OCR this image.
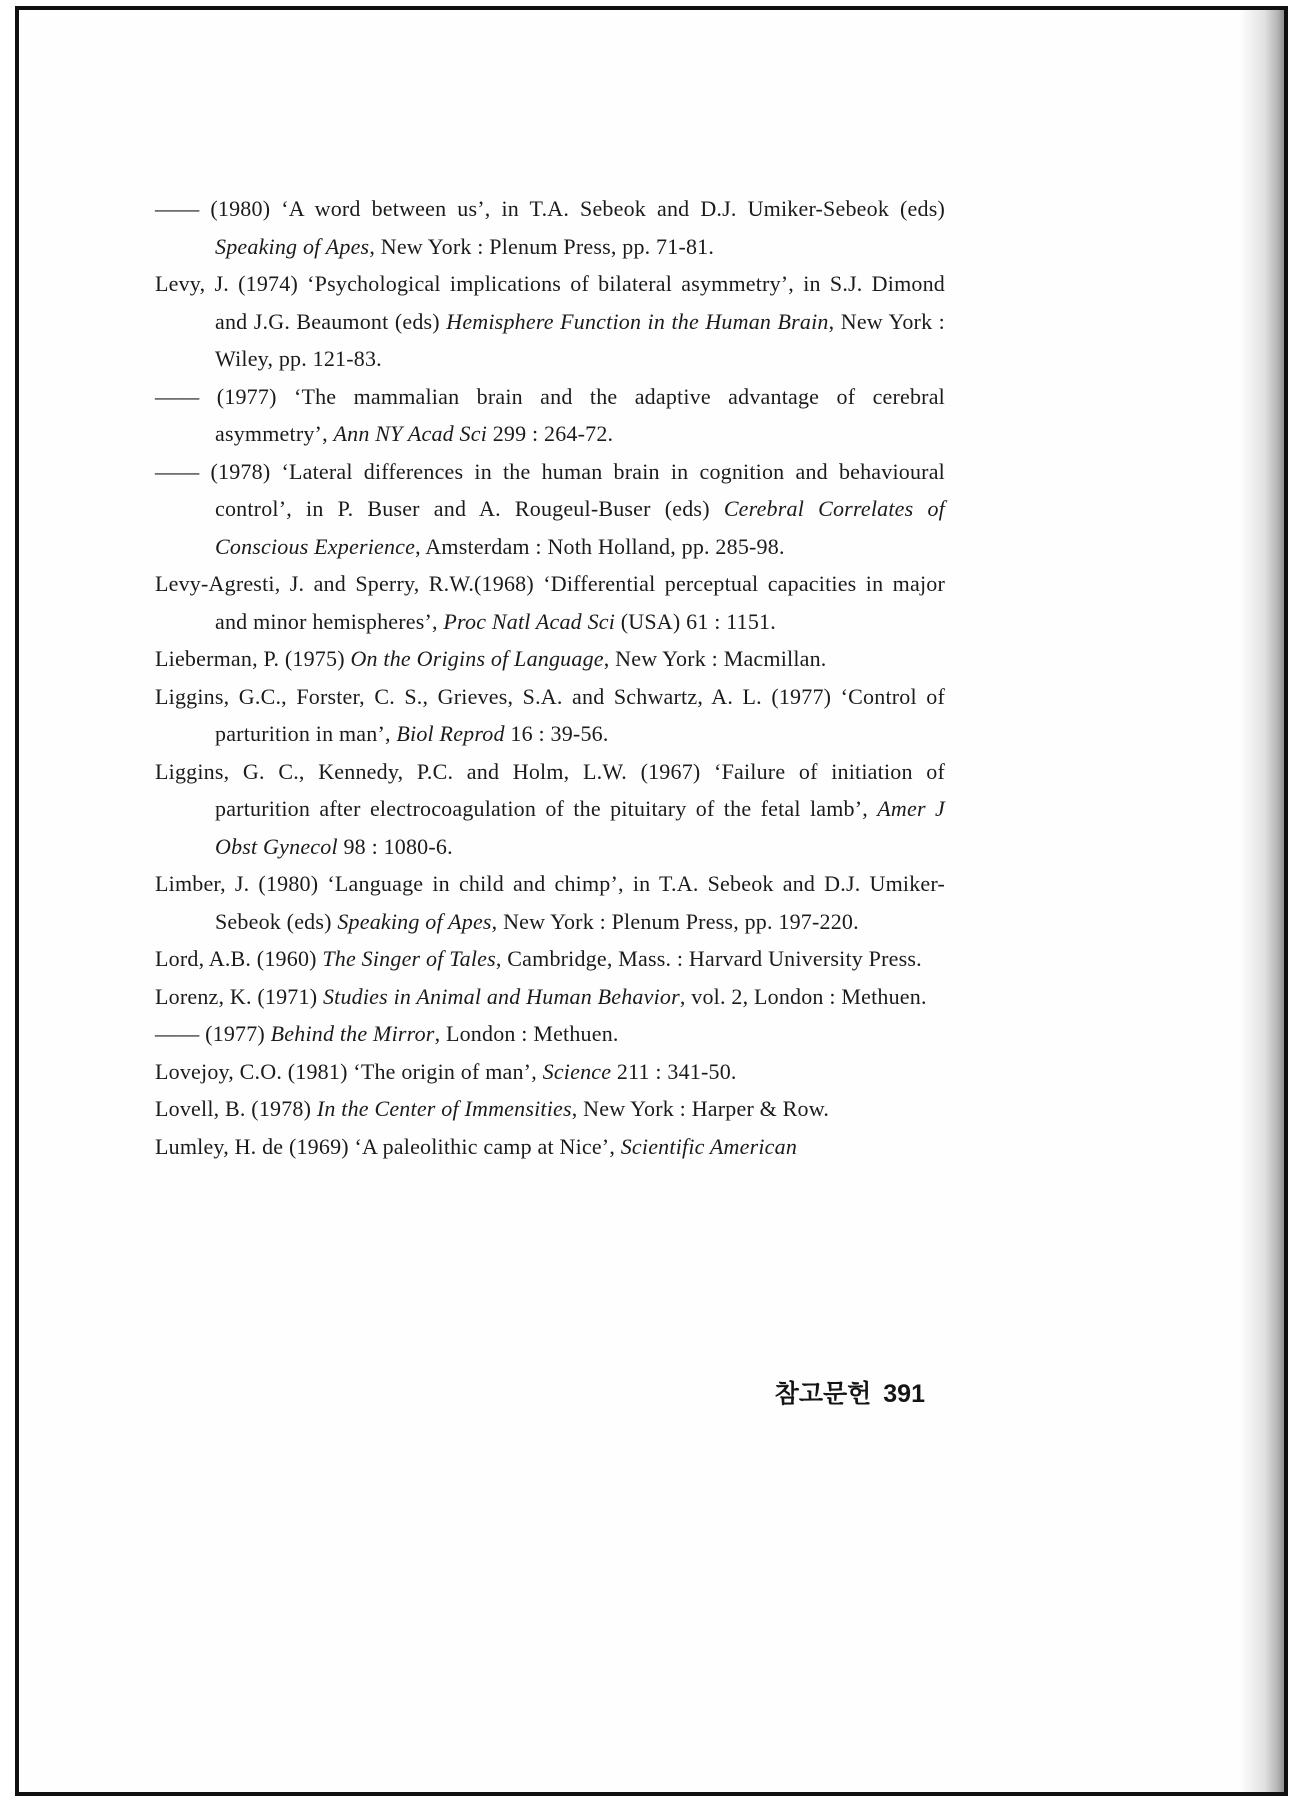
—— (1980) ‘A word between us’, in T.A. Sebeok and D.J. Umiker-Sebeok (eds) Speaking of Apes, New York : Plenum Press, pp. 71-81.

Levy, J. (1974) ‘Psychological implications of bilateral asymmetry’, in S.J. Dimond and J.G. Beaumont (eds) Hemisphere Function in the Human Brain, New York : Wiley, pp. 121-83.

—— (1977) ‘The mammalian brain and the adaptive advantage of cerebral asymmetry’, Ann NY Acad Sci 299 : 264-72.

—— (1978) ‘Lateral differences in the human brain in cognition and behavioural control’, in P. Buser and A. Rougeul-Buser (eds) Cerebral Correlates of Conscious Experience, Amsterdam : Noth Holland, pp. 285-98.

Levy-Agresti, J. and Sperry, R.W.(1968) ‘Differential perceptual capacities in major and minor hemispheres’, Proc Natl Acad Sci (USA) 61 : 1151.

Lieberman, P. (1975) On the Origins of Language, New York : Macmillan.

Liggins, G.C., Forster, C. S., Grieves, S.A. and Schwartz, A. L. (1977) ‘Control of parturition in man’, Biol Reprod 16 : 39-56.

Liggins, G. C., Kennedy, P.C. and Holm, L.W. (1967) ‘Failure of initiation of parturition after electrocoagulation of the pituitary of the fetal lamb’, Amer J Obst Gynecol 98 : 1080-6.

Limber, J. (1980) ‘Language in child and chimp’, in T.A. Sebeok and D.J. Umiker-Sebeok (eds) Speaking of Apes, New York : Plenum Press, pp. 197-220.

Lord, A.B. (1960) The Singer of Tales, Cambridge, Mass. : Harvard University Press.

Lorenz, K. (1971) Studies in Animal and Human Behavior, vol. 2, London : Methuen.

—— (1977) Behind the Mirror, London : Methuen.

Lovejoy, C.O. (1981) ‘The origin of man’, Science 211 : 341-50.

Lovell, B. (1978) In the Center of Immensities, New York : Harper & Row.

Lumley, H. de (1969) ‘A paleolithic camp at Nice’, Scientific American

참고문헌 391
